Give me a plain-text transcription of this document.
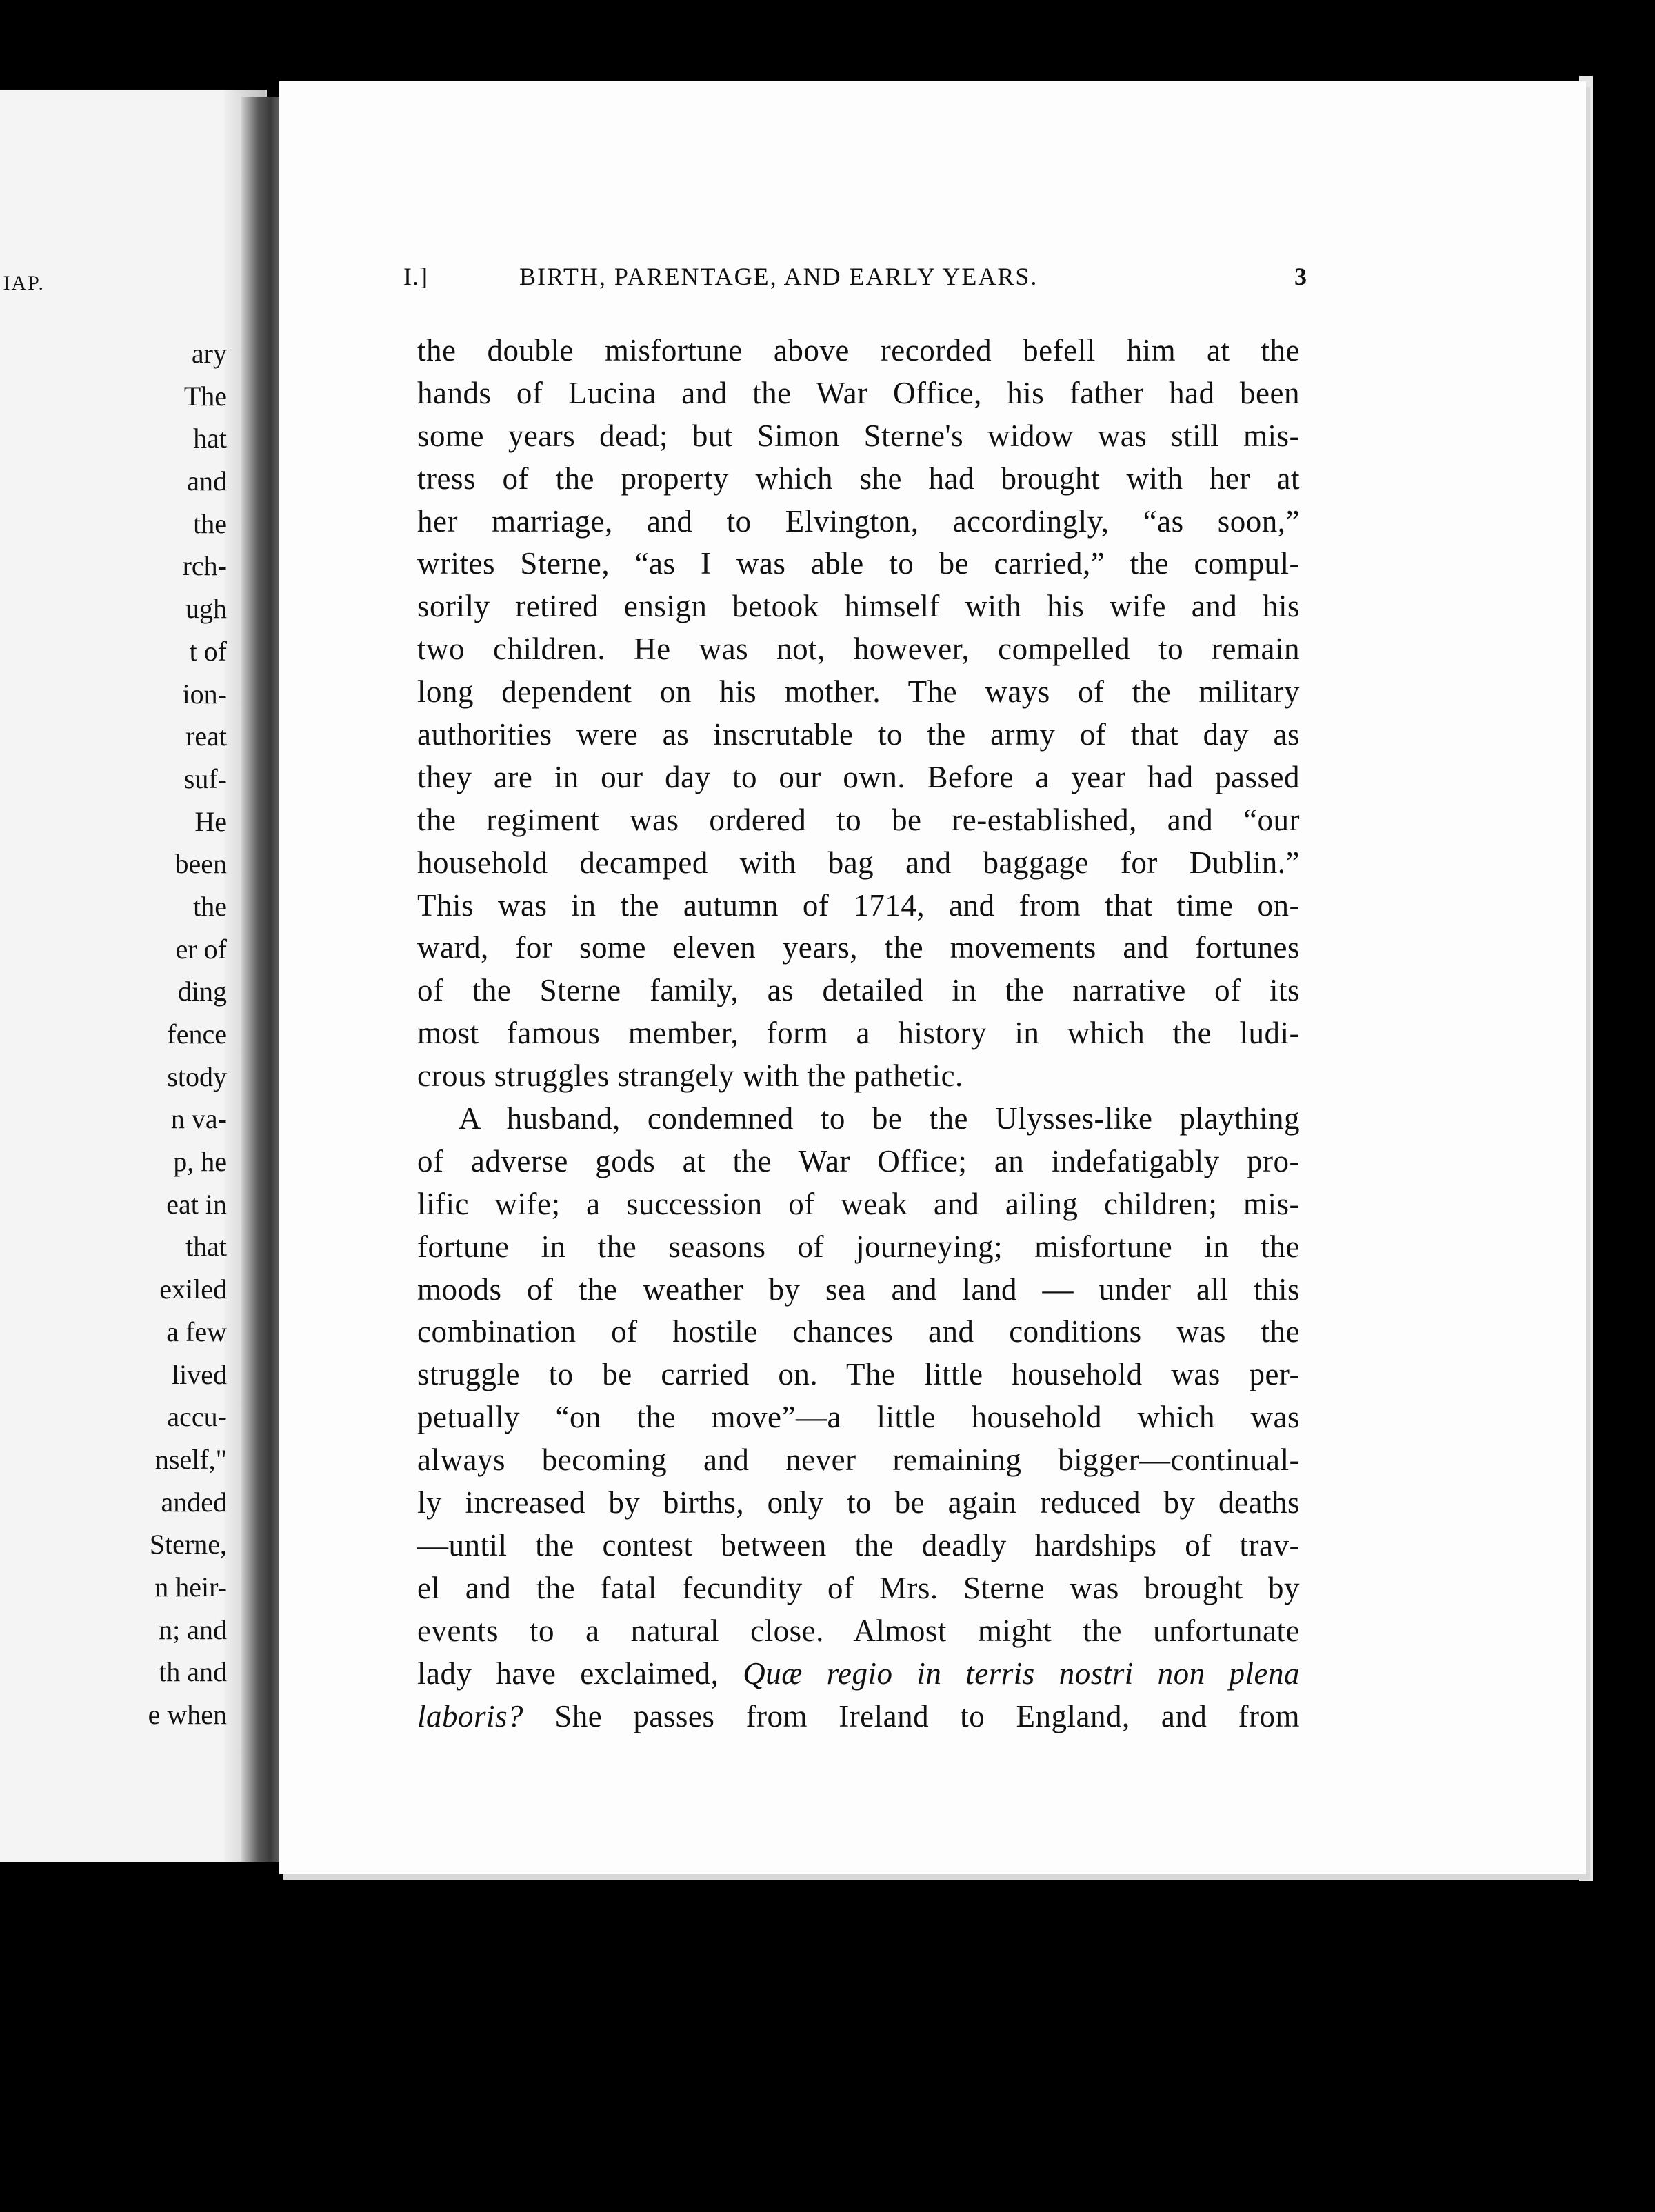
IAP.
ary
The
hat
and
the
rch-
ugh
t of
ion-
reat
suf-
He
been
the
er of
ding
fence
stody
n va-
p, he
eat in
that
exiled
a few
lived
accu-
nself,"
anded
Sterne,
n heir-
n; and
th and
e when
I.]	BIRTH, PARENTAGE, AND EARLY YEARS.	3
the double misfortune above recorded befell him at the
hands of Lucina and the War Office, his father had been
some years dead; but Simon Sterne's widow was still mis-
tress of the property which she had brought with her at
her marriage, and to Elvington, accordingly, “as soon,”
writes Sterne, “as I was able to be carried,” the compul-
sorily retired ensign betook himself with his wife and his
two children. He was not, however, compelled to remain
long dependent on his mother. The ways of the military
authorities were as inscrutable to the army of that day as
they are in our day to our own. Before a year had passed
the regiment was ordered to be re-established, and “our
household decamped with bag and baggage for Dublin.”
This was in the autumn of 1714, and from that time on-
ward, for some eleven years, the movements and fortunes
of the Sterne family, as detailed in the narrative of its
most famous member, form a history in which the ludi-
crous struggles strangely with the pathetic.
A husband, condemned to be the Ulysses-like plaything
of adverse gods at the War Office; an indefatigably pro-
lific wife; a succession of weak and ailing children; mis-
fortune in the seasons of journeying; misfortune in the
moods of the weather by sea and land — under all this
combination of hostile chances and conditions was the
struggle to be carried on. The little household was per-
petually “on the move”—a little household which was
always becoming and never remaining bigger—continual-
ly increased by births, only to be again reduced by deaths
—until the contest between the deadly hardships of trav-
el and the fatal fecundity of Mrs. Sterne was brought by
events to a natural close. Almost might the unfortunate
lady have exclaimed, Quæ regio in terris nostri non plena
laboris? She passes from Ireland to England, and from
